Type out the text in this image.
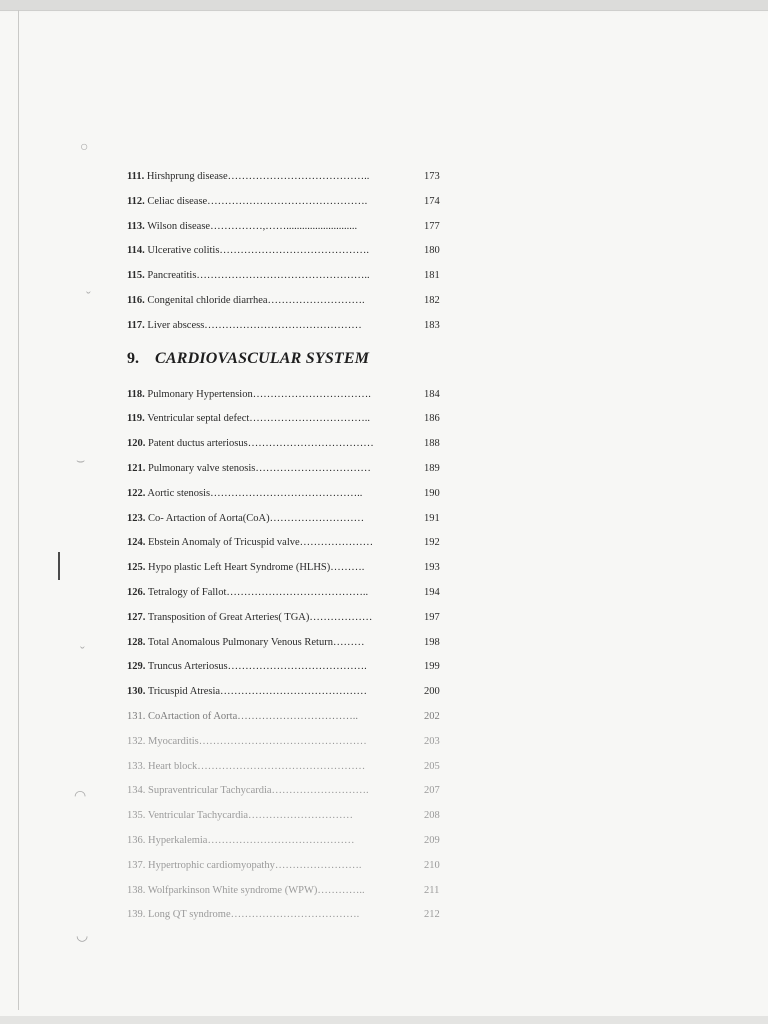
○
ˇ
⌣
ˇ
◠
◡
111. Hirshprung disease…………………………………..	173
112. Celiac disease……………………………………….	174
113. Wilson disease……………,……...........................	177
114. Ulcerative colitis…………………………………….	180
115. Pancreatitis…………………………………………..	181
116. Congenital chloride diarrhea……………………….	182
117. Liver abscess………………………………………	183
9. CARDIOVASCULAR SYSTEM
118. Pulmonary Hypertension…………………………….	184
119. Ventricular septal defect……………………………..	186
120. Patent ductus arteriosus………………………………	188
121. Pulmonary valve stenosis……………………………	189
122. Aortic stenosis……………………………………..	190
123. Co- Artaction of Aorta(CoA)………………………	191
124. Ebstein Anomaly of Tricuspid valve…………………	192
125. Hypo plastic Left Heart Syndrome (HLHS)……….	193
126. Tetralogy of Fallot…………………………………..	194
127. Transposition of Great Arteries( TGA)………………	197
128. Total Anomalous Pulmonary Venous Return………	198
129. Truncus Arteriosus………………………………….	199
130. Tricuspid Atresia……………………………………	200
131. CoArtaction of Aorta……………………………..	202
132. Myocarditis…………………………………………	203
133. Heart block…………………………………………	205
134. Supraventricular Tachycardia……………………….	207
135. Ventricular Tachycardia…………………………	208
136. Hyperkalemia……………………………………	209
137. Hypertrophic cardiomyopathy…………………….	210
138. Wolfparkinson White syndrome (WPW)…………..	211
139. Long QT syndrome……………………………….	212
